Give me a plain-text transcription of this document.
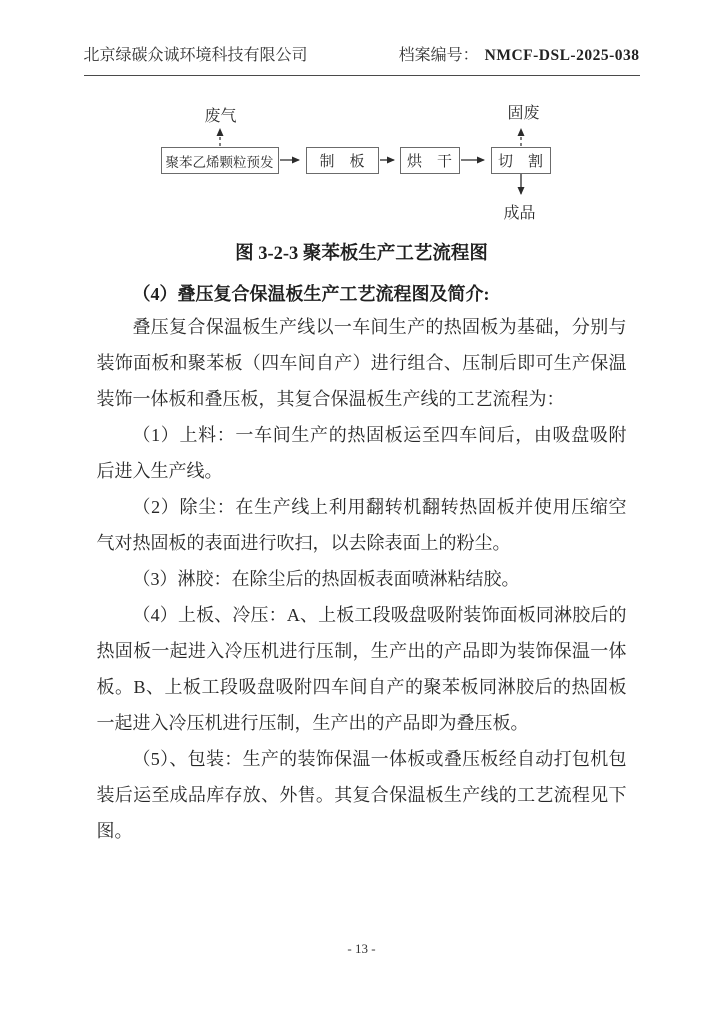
北京绿碳众诚环境科技有限公司	档案编号： NMCF-DSL-2025-038
废气	固废
成品
聚苯乙烯颗粒预发	制　板	烘　干	切　割
图 3-2-3 聚苯板生产工艺流程图
（4）叠压复合保温板生产工艺流程图及简介:

叠压复合保温板生产线以一车间生产的热固板为基础，分别与装饰面板和聚苯板（四车间自产）进行组合、压制后即可生产保温装饰一体板和叠压板，其复合保温板生产线的工艺流程为：

（1）上料：一车间生产的热固板运至四车间后，由吸盘吸附后进入生产线。

（2）除尘：在生产线上利用翻转机翻转热固板并使用压缩空气对热固板的表面进行吹扫，以去除表面上的粉尘。

（3）淋胶：在除尘后的热固板表面喷淋粘结胶。

（4）上板、冷压：A、上板工段吸盘吸附装饰面板同淋胶后的热固板一起进入冷压机进行压制，生产出的产品即为装饰保温一体板。B、上板工段吸盘吸附四车间自产的聚苯板同淋胶后的热固板一起进入冷压机进行压制，生产出的产品即为叠压板。

（5）、包装：生产的装饰保温一体板或叠压板经自动打包机包装后运至成品库存放、外售。其复合保温板生产线的工艺流程见下图。

- 13 -
